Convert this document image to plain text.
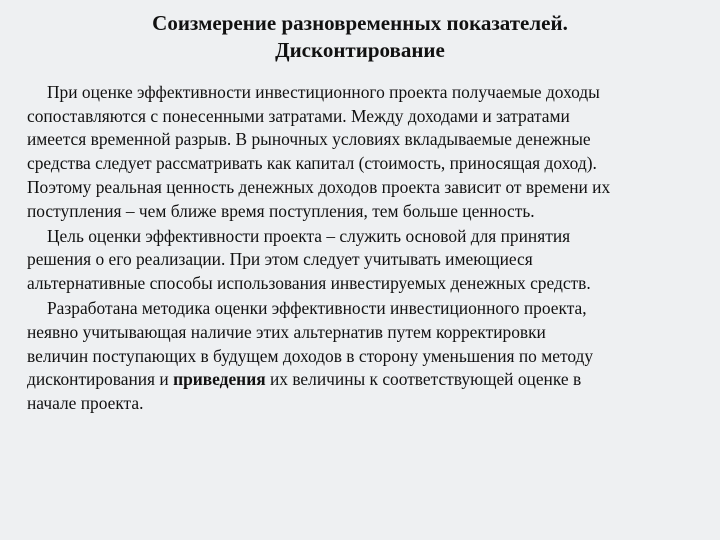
Соизмерение разновременных показателей.
Дисконтирование

При оценке эффективности инвестиционного проекта получаемые доходы
сопоставляются с понесенными затратами. Между доходами и затратами
имеется временной разрыв. В рыночных условиях вкладываемые денежные
средства следует рассматривать как капитал (стоимость, приносящая доход).
Поэтому реальная ценность денежных доходов проекта зависит от времени их
поступления – чем ближе время поступления, тем больше ценность.

Цель оценки эффективности проекта – служить основой для принятия
решения о его реализации. При этом следует учитывать имеющиеся
альтернативные способы использования инвестируемых денежных средств.

Разработана методика оценки эффективности инвестиционного проекта,
неявно учитывающая наличие этих альтернатив путем корректировки
величин поступающих в будущем доходов в сторону уменьшения по методу
дисконтирования и приведения их величины к соответствующей оценке в
начале проекта.
